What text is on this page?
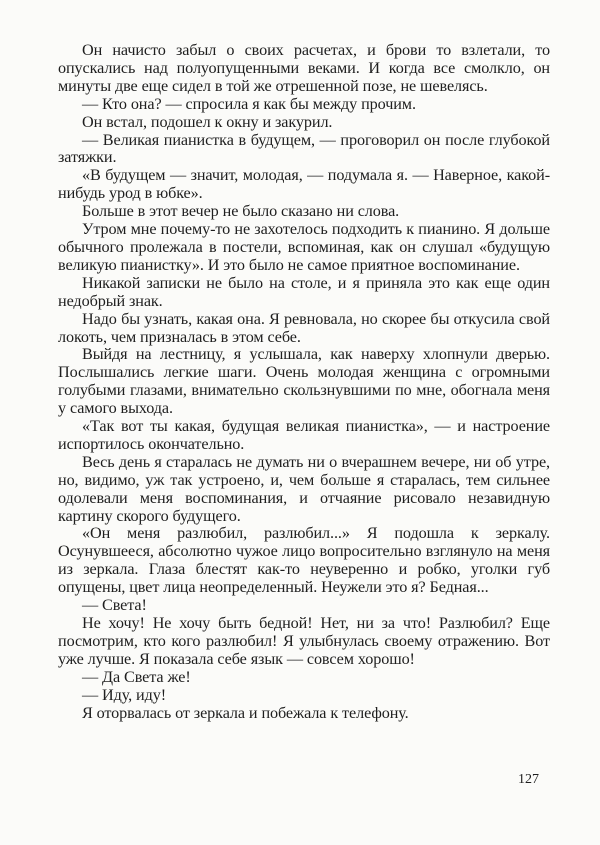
Он начисто забыл о своих расчетах, и брови то взлетали, то опускались над полуопущенными веками. И когда все смолкло, он минуты две еще сидел в той же отрешенной позе, не шевелясь.

— Кто она? — спросила я как бы между прочим.

Он встал, подошел к окну и закурил.

— Великая пианистка в будущем, — проговорил он после глубокой затяжки.

«В будущем — значит, молодая, — подумала я. — Наверное, какой-нибудь урод в юбке».

Больше в этот вечер не было сказано ни слова.

Утром мне почему-то не захотелось подходить к пианино. Я дольше обычного пролежала в постели, вспоминая, как он слушал «будущую великую пианистку». И это было не самое приятное воспоминание.

Никакой записки не было на столе, и я приняла это как еще один недобрый знак.

Надо бы узнать, какая она. Я ревновала, но скорее бы откусила свой локоть, чем призналась в этом себе.

Выйдя на лестницу, я услышала, как наверху хлопнули дверью. Послышались легкие шаги. Очень молодая женщина с огромными голубыми глазами, внимательно скользнувшими по мне, обогнала меня у самого выхода.

«Так вот ты какая, будущая великая пианистка», — и настроение испортилось окончательно.

Весь день я старалась не думать ни о вчерашнем вечере, ни об утре, но, видимо, уж так устроено, и, чем больше я старалась, тем сильнее одолевали меня воспоминания, и отчаяние рисовало незавидную картину скорого будущего.

«Он меня разлюбил, разлюбил...» Я подошла к зеркалу. Осунувшееся, абсолютно чужое лицо вопросительно взглянуло на меня из зеркала. Глаза блестят как-то неуверенно и робко, уголки губ опущены, цвет лица неопределенный. Неужели это я? Бедная...

— Света!

Не хочу! Не хочу быть бедной! Нет, ни за что! Разлюбил? Еще посмотрим, кто кого разлюбил! Я улыбнулась своему отражению. Вот уже лучше. Я показала себе язык — совсем хорошо!

— Да Света же!

— Иду, иду!

Я оторвалась от зеркала и побежала к телефону.

127
